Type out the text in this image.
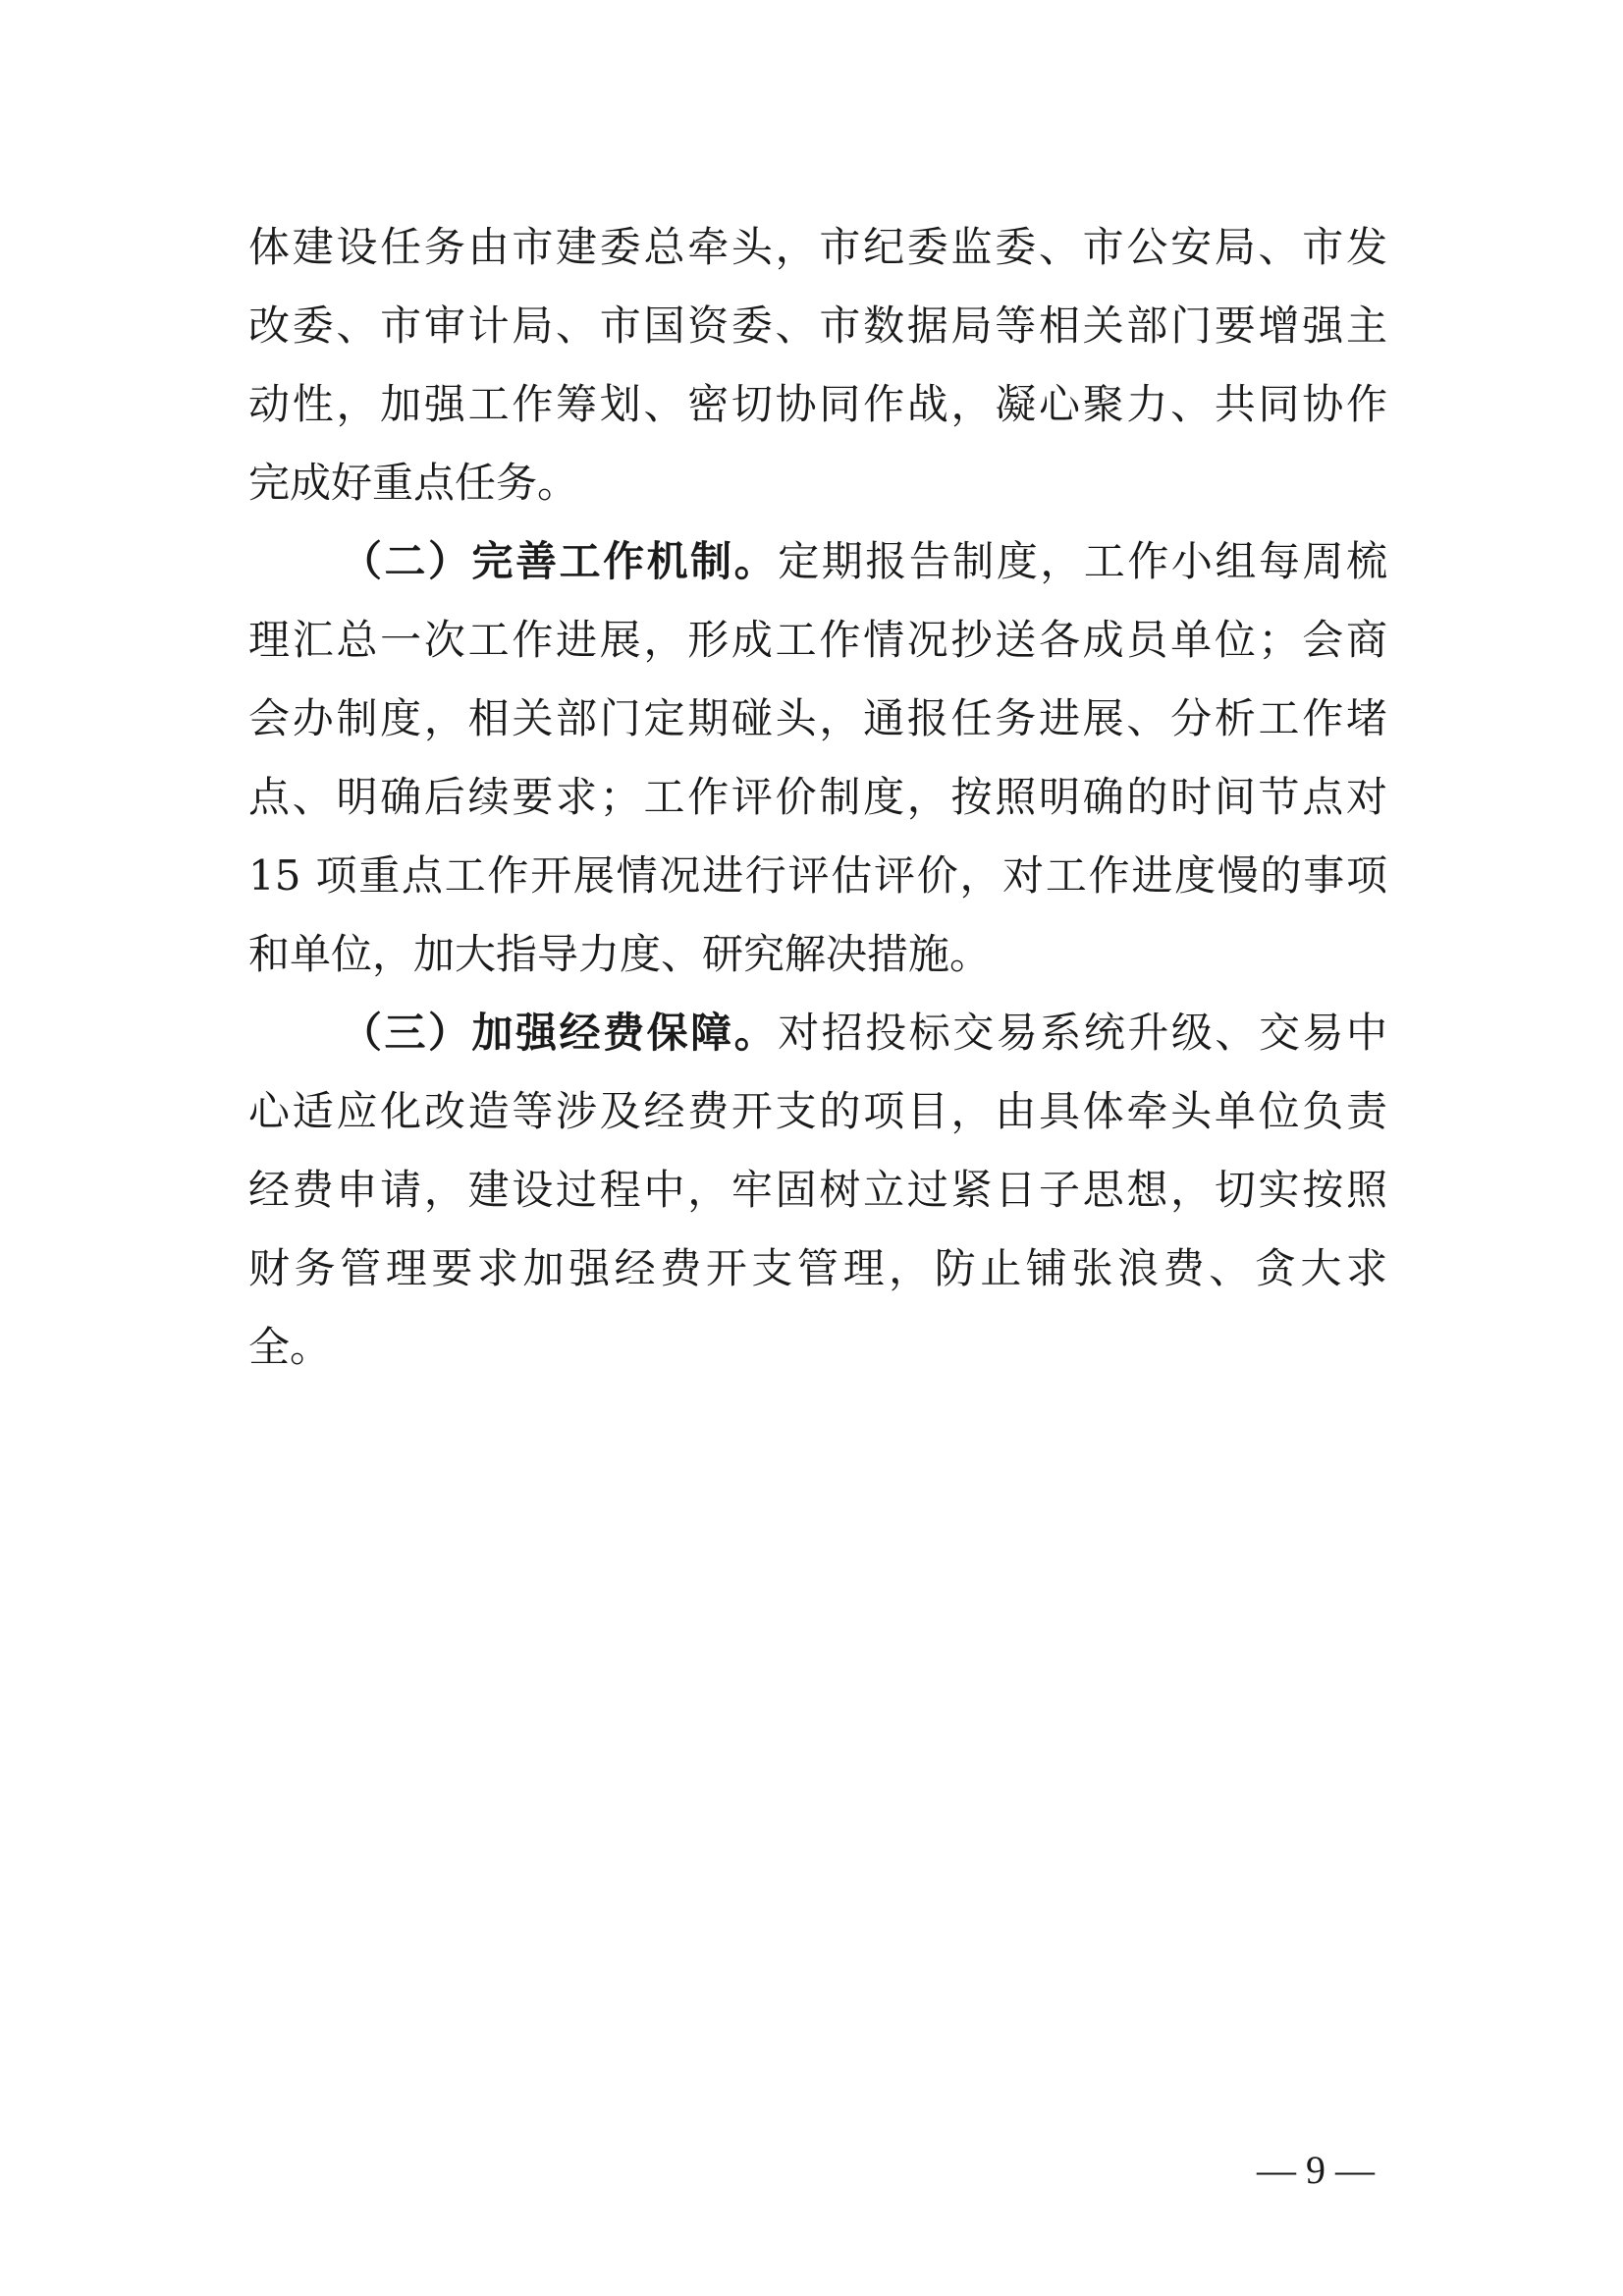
体建设任务由市建委总牵头，市纪委监委、市公安局、市发
改委、市审计局、市国资委、市数据局等相关部门要增强主
动性，加强工作筹划、密切协同作战，凝心聚力、共同协作
完成好重点任务。
（二）完善工作机制。定期报告制度，工作小组每周梳
理汇总一次工作进展，形成工作情况抄送各成员单位；会商
会办制度，相关部门定期碰头，通报任务进展、分析工作堵
点、明确后续要求；工作评价制度，按照明确的时间节点对
15 项重点工作开展情况进行评估评价，对工作进度慢的事项
和单位，加大指导力度、研究解决措施。
（三）加强经费保障。对招投标交易系统升级、交易中
心适应化改造等涉及经费开支的项目，由具体牵头单位负责
经费申请，建设过程中，牢固树立过紧日子思想，切实按照
财务管理要求加强经费开支管理，防止铺张浪费、贪大求
全。
— 9 —
